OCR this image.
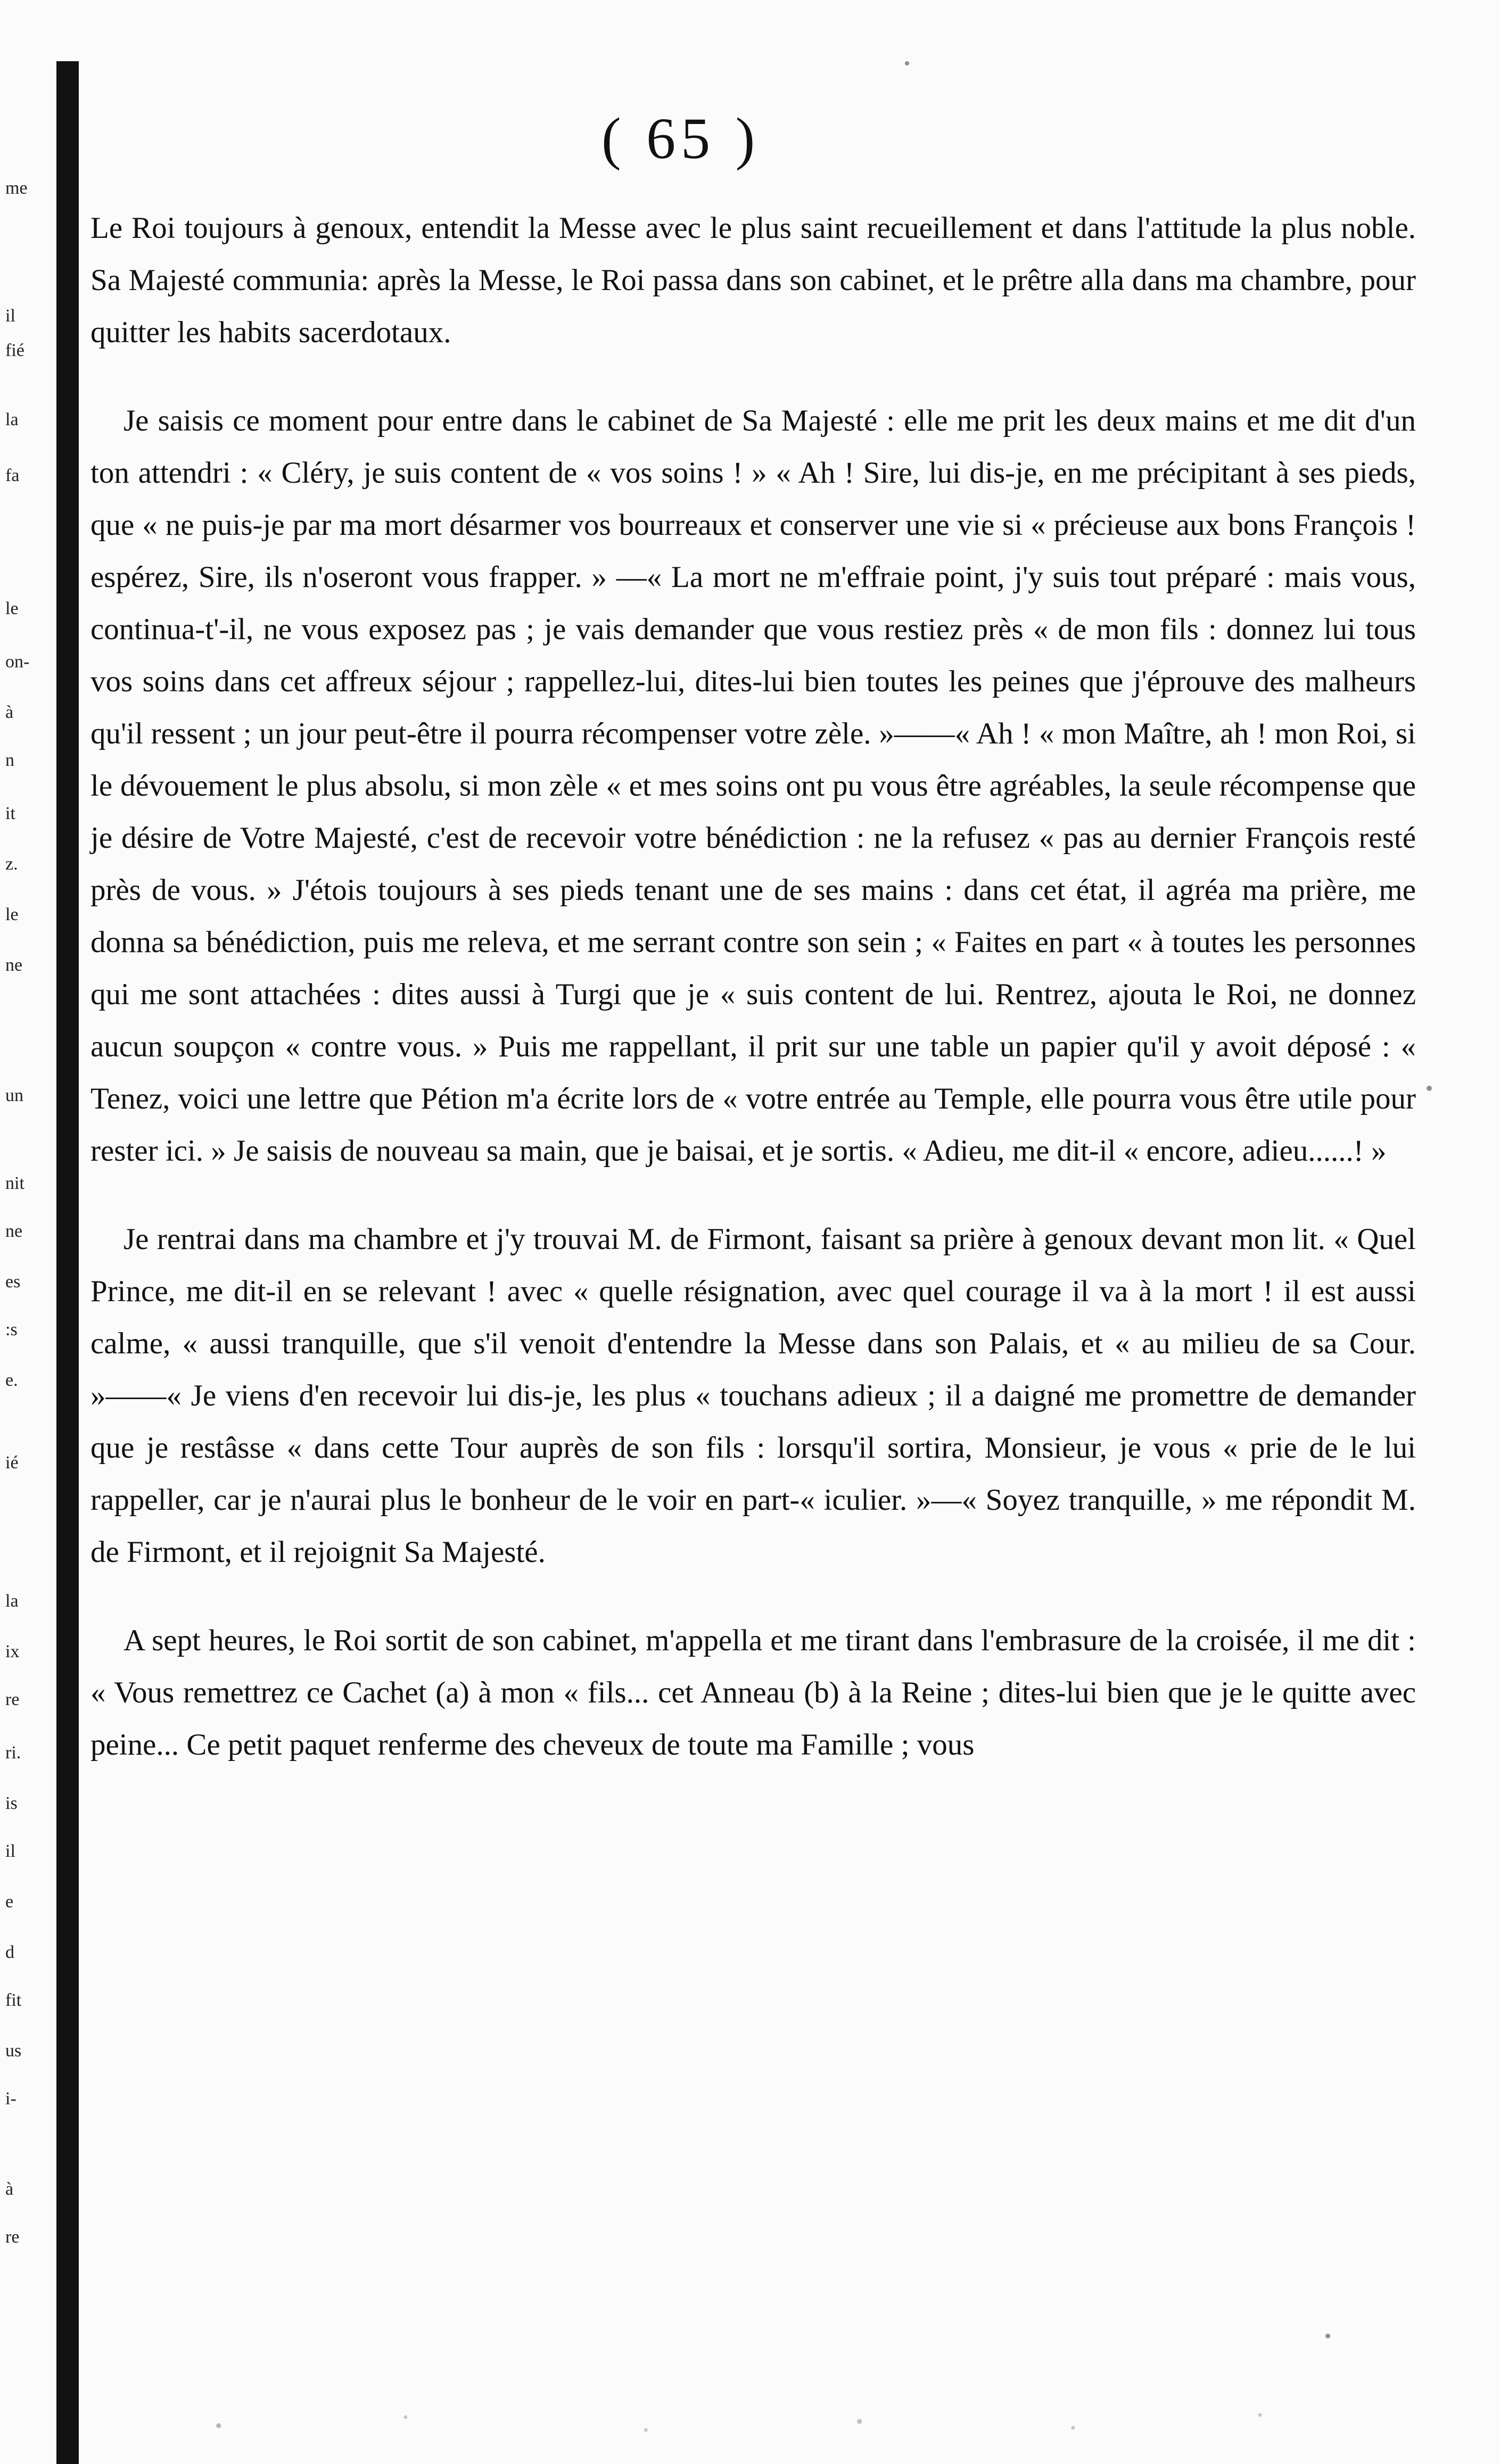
me
il
fié
la
fa
le
on-
à
n
it
z.
le
ne
un
nit
ne
es
:s
e.
ié
la
ix
re
ri.
is
il
e
d
fit
us
i-
à
re
( 65 )

Le Roi toujours à genoux, entendit la Messe avec le plus saint recueillement et dans l'attitude la plus noble. Sa Majesté communia: après la Messe, le Roi passa dans son cabinet, et le prêtre alla dans ma chambre, pour quitter les habits sacerdotaux.

Je saisis ce moment pour entre dans le cabinet de Sa Majesté : elle me prit les deux mains et me dit d'un ton attendri : « Cléry, je suis content de « vos soins ! » « Ah ! Sire, lui dis-je, en me précipitant à ses pieds, que « ne puis-je par ma mort désarmer vos bourreaux et conserver une vie si « précieuse aux bons François ! espérez, Sire, ils n'oseront vous frapper. » —« La mort ne m'effraie point, j'y suis tout préparé : mais vous, continua-t'-il, ne vous exposez pas ; je vais demander que vous restiez près « de mon fils : donnez lui tous vos soins dans cet affreux séjour ; rappellez-lui, dites-lui bien toutes les peines que j'éprouve des malheurs qu'il ressent ; un jour peut-être il pourra récompenser votre zèle. »——« Ah ! « mon Maître, ah ! mon Roi, si le dévouement le plus absolu, si mon zèle « et mes soins ont pu vous être agréables, la seule récompense que je désire de Votre Majesté, c'est de recevoir votre bénédiction : ne la refusez « pas au dernier François resté près de vous. » J'étois toujours à ses pieds tenant une de ses mains : dans cet état, il agréa ma prière, me donna sa bénédiction, puis me releva, et me serrant contre son sein ; « Faites en part « à toutes les personnes qui me sont attachées : dites aussi à Turgi que je « suis content de lui. Rentrez, ajouta le Roi, ne donnez aucun soupçon « contre vous. » Puis me rappellant, il prit sur une table un papier qu'il y avoit déposé : « Tenez, voici une lettre que Pétion m'a écrite lors de « votre entrée au Temple, elle pourra vous être utile pour rester ici. » Je saisis de nouveau sa main, que je baisai, et je sortis. « Adieu, me dit-il « encore, adieu......! »

Je rentrai dans ma chambre et j'y trouvai M. de Firmont, faisant sa prière à genoux devant mon lit. « Quel Prince, me dit-il en se relevant ! avec « quelle résignation, avec quel courage il va à la mort ! il est aussi calme, « aussi tranquille, que s'il venoit d'entendre la Messe dans son Palais, et « au milieu de sa Cour. »——« Je viens d'en recevoir lui dis-je, les plus « touchans adieux ; il a daigné me promettre de demander que je restâsse « dans cette Tour auprès de son fils : lorsqu'il sortira, Monsieur, je vous « prie de le lui rappeller, car je n'aurai plus le bonheur de le voir en part-« iculier. »—« Soyez tranquille, » me répondit M. de Firmont, et il rejoignit Sa Majesté.

A sept heures, le Roi sortit de son cabinet, m'appella et me tirant dans l'embrasure de la croisée, il me dit : « Vous remettrez ce Cachet (a) à mon « fils... cet Anneau (b) à la Reine ; dites-lui bien que je le quitte avec peine... Ce petit paquet renferme des cheveux de toute ma Famille ; vous
